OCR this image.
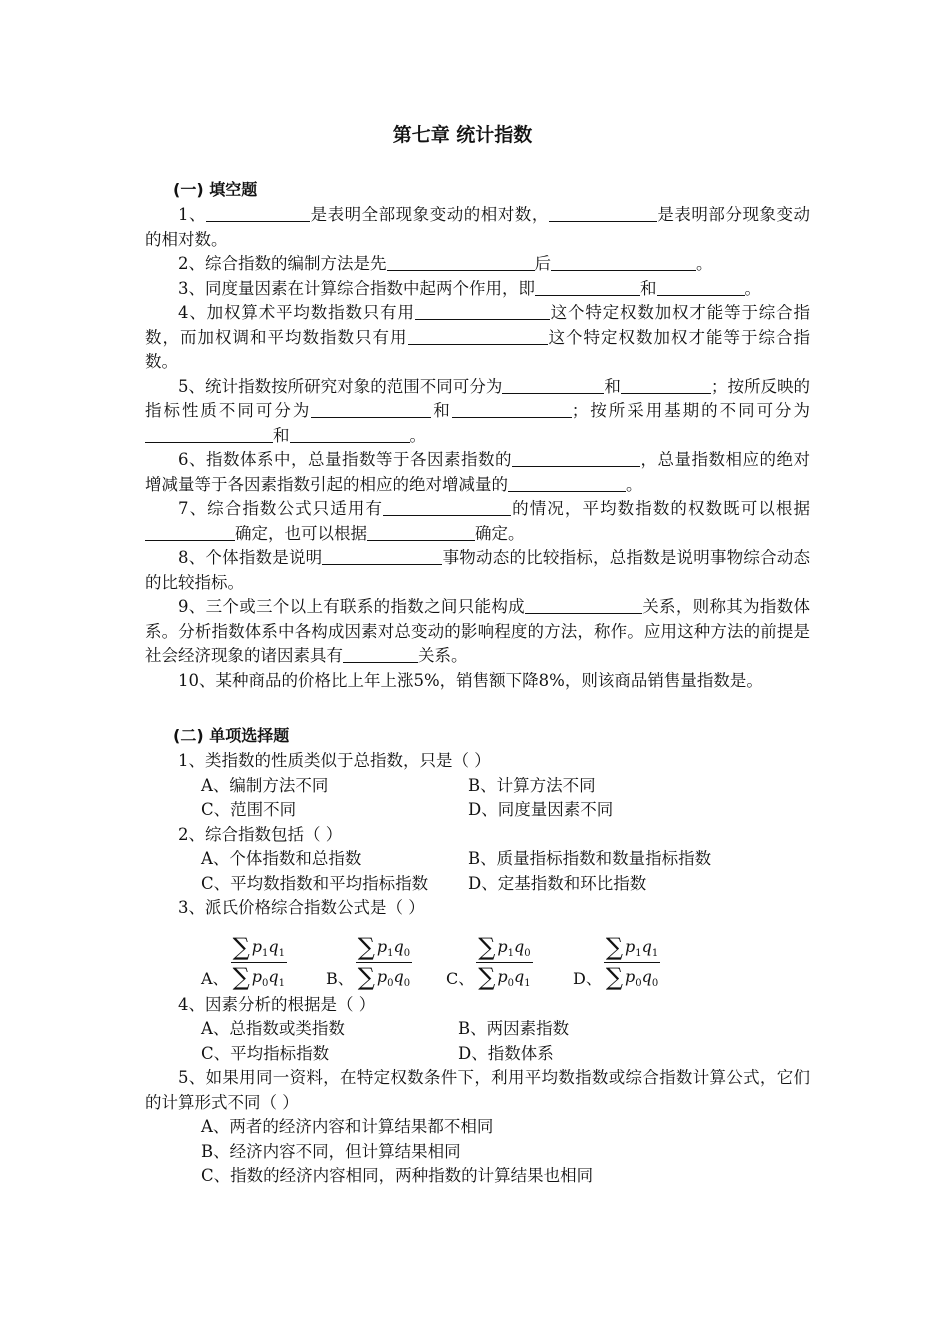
第七章 统计指数
(一) 填空题

1、	是表明全部现象变动的相对数，	是表明部分现象变动的相对数。

2、综合指数的编制方法是先	后	。

3、同度量因素在计算综合指数中起两个作用，即	和	。

4、加权算术平均数指数只有用	这个特定权数加权才能等于综合指数，而加权调和平均数指数只有用	这个特定权数加权才能等于综合指数。

5、统计指数按所研究对象的范围不同可分为	和	；按所反映的指标性质不同可分为	和	；按所采用基期的不同可分为和	。

6、指数体系中，总量指数等于各因素指数的	，总量指数相应的绝对增减量等于各因素指数引起的相应的绝对增减量的	。

7、综合指数公式只适用有	的情况，平均数指数的权数既可以根据确定，也可以根据	确定。

8、个体指数是说明	事物动态的比较指标，总指数是说明事物综合动态的比较指标。

9、三个或三个以上有联系的指数之间只能构成	关系，则称其为指数体系。分析指数体系中各构成因素对总变动的影响程度的方法，称作。应用这种方法的前提是社会经济现象的诸因素具有	关系。

10、某种商品的价格比上年上涨5%，销售额下降8%，则该商品销售量指数是。

(二) 单项选择题

1、类指数的性质类似于总指数，只是（ ）

A、编制方法不同	B、计算方法不同
C、范围不同	D、同度量因素不同

2、综合指数包括（ ）

A、个体指数和总指数	B、质量指标指数和数量指标指数
C、平均数指数和平均指标指数	D、定基指数和环比指数

3、派氏价格综合指数公式是（ ）

A、 $\frac{\sum p_1q_1}{\sum p_0q_1}$ B、 $\frac{\sum p_1q_0}{\sum p_0q_0}$ C、 $\frac{\sum p_1q_0}{\sum p_0q_1}$	D、 $\frac{\sum p_1q_1}{\sum p_0q_0}$

4、因素分析的根据是（ ）

A、总指数或类指数	B、两因素指数
C、平均指标指数	D、指数体系

5、如果用同一资料，在特定权数条件下，利用平均数指数或综合指数计算公式，它们的计算形式不同（ ）

A、两者的经济内容和计算结果都不相同
B、经济内容不同，但计算结果相同
C、指数的经济内容相同，两种指数的计算结果也相同
